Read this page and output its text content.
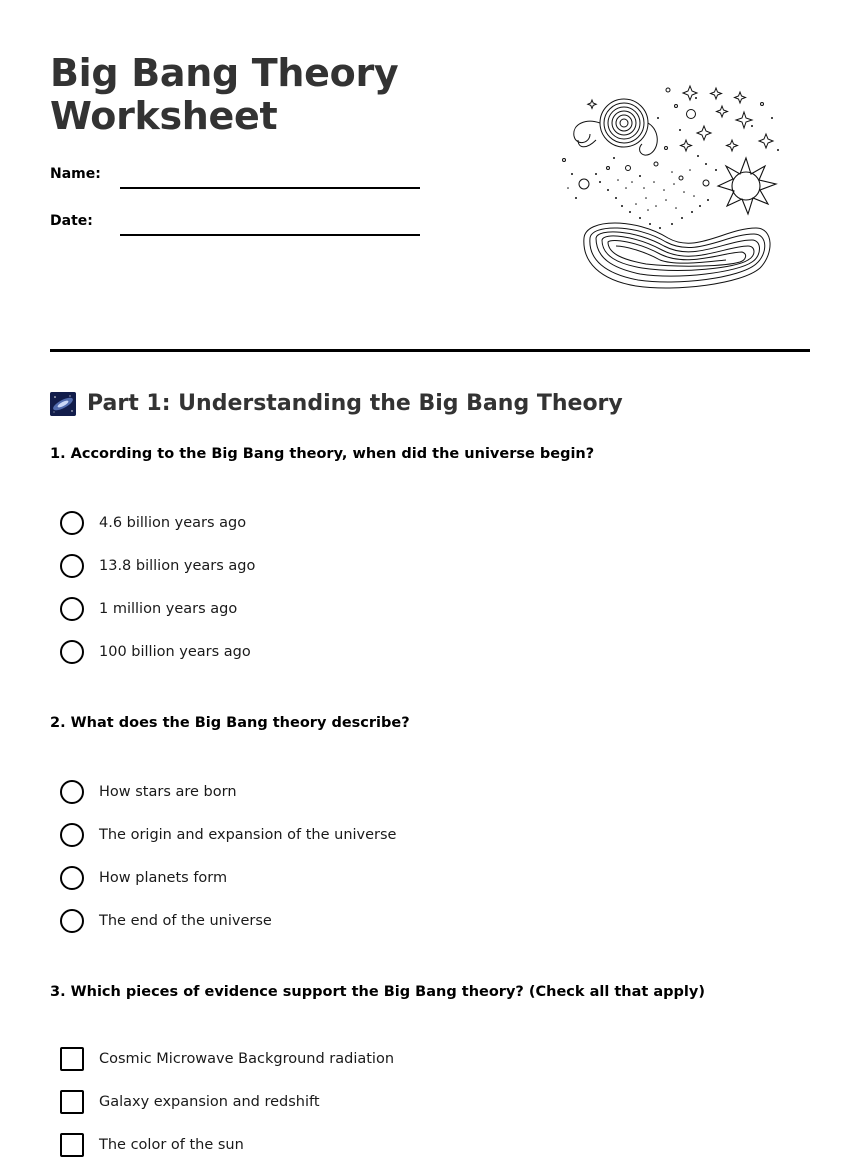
Big Bang Theory
Worksheet
Name:
Date:
Part 1: Understanding the Big Bang Theory

1. According to the Big Bang theory, when did the universe begin?

4.6 billion years ago
13.8 billion years ago
1 million years ago
100 billion years ago

2. What does the Big Bang theory describe?

How stars are born
The origin and expansion of the universe
How planets form
The end of the universe

3. Which pieces of evidence support the Big Bang theory? (Check all that apply)

Cosmic Microwave Background radiation
Galaxy expansion and redshift
The color of the sun
